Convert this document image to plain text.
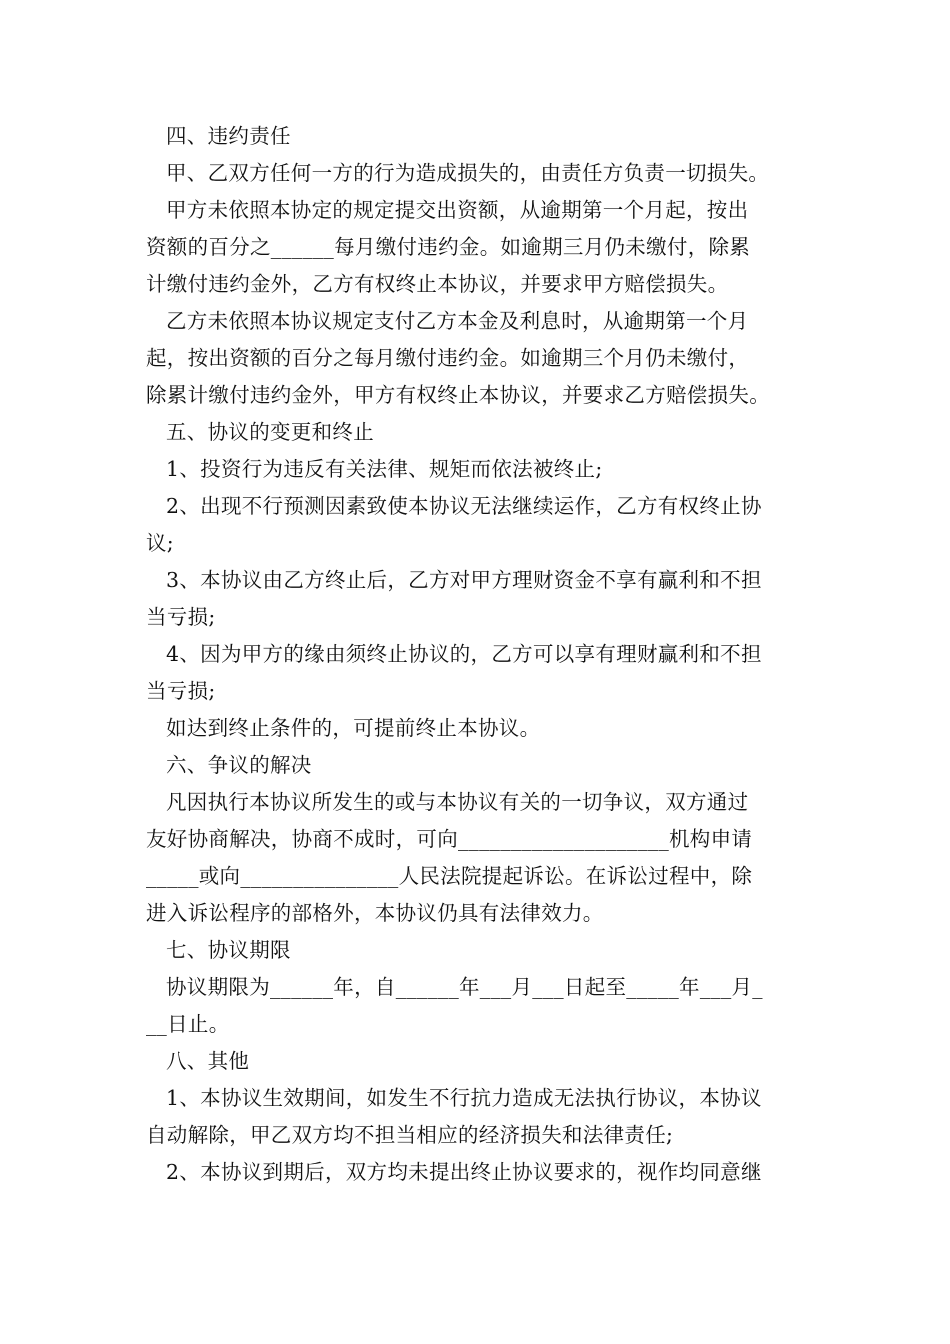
四、违约责任
甲、乙双方任何一方的行为造成损失的，由责任方负责一切损失。
甲方未依照本协定的规定提交出资额，从逾期第一个月起，按出
资额的百分之______每月缴付违约金。如逾期三月仍未缴付，除累
计缴付违约金外，乙方有权终止本协议，并要求甲方赔偿损失。
乙方未依照本协议规定支付乙方本金及利息时，从逾期第一个月
起，按出资额的百分之每月缴付违约金。如逾期三个月仍未缴付，
除累计缴付违约金外，甲方有权终止本协议，并要求乙方赔偿损失。
五、协议的变更和终止
1、投资行为违反有关法律、规矩而依法被终止;
2、出现不行预测因素致使本协议无法继续运作，乙方有权终止协
议;
3、本协议由乙方终止后，乙方对甲方理财资金不享有赢利和不担
当亏损;
4、因为甲方的缘由须终止协议的，乙方可以享有理财赢利和不担
当亏损;
如达到终止条件的，可提前终止本协议。
六、争议的解决
凡因执行本协议所发生的或与本协议有关的一切争议，双方通过
友好协商解决，协商不成时，可向____________________机构申请
_____或向_______________人民法院提起诉讼。在诉讼过程中，除
进入诉讼程序的部格外，本协议仍具有法律效力。
七、协议期限
协议期限为______年，自______年___月___日起至_____年___月_
__日止。
八、其他
1、本协议生效期间，如发生不行抗力造成无法执行协议，本协议
自动解除，甲乙双方均不担当相应的经济损失和法律责任;
2、本协议到期后，双方均未提出终止协议要求的，视作均同意继
